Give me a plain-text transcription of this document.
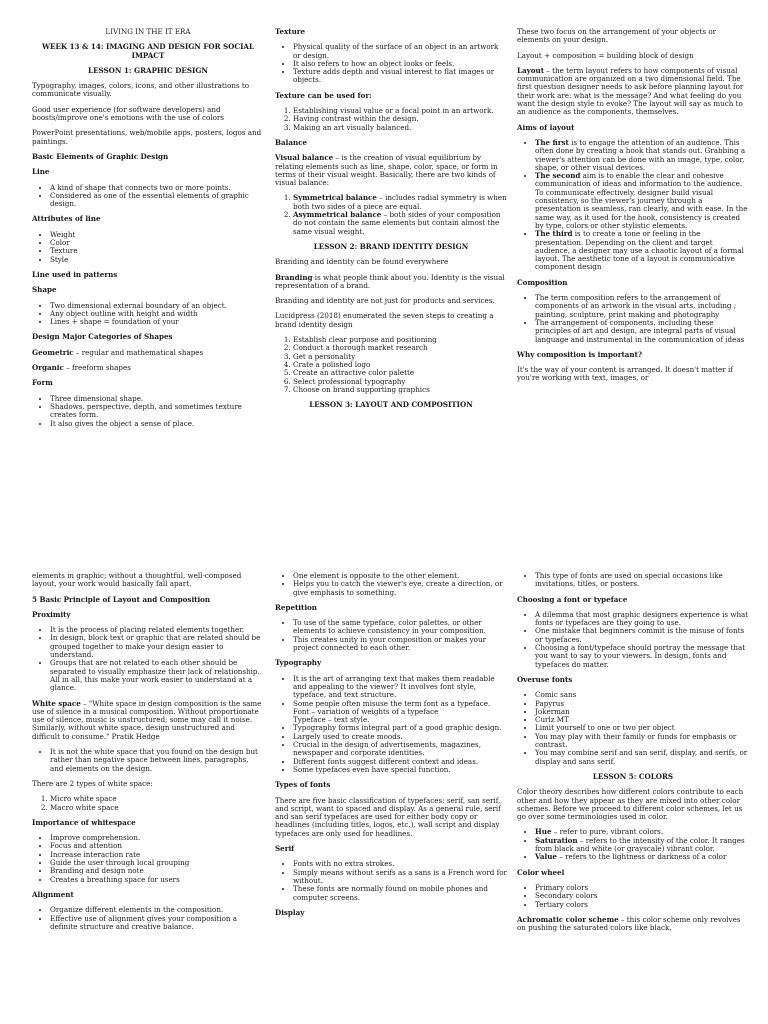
LIVING IN THE IT ERA

WEEK 13 & 14: IMAGING AND DESIGN FOR SOCIAL IMPACT

LESSON 1: GRAPHIC DESIGN

Typography, images, colors, icons, and other illustrations to communicate visually.

Good user experience (for software developers) and boosts/improve one's emotions with the use of colors

PowerPoint presentations, web/mobile apps, posters, logos and paintings.

Basic Elements of Graphic Design

Line

• A kind of shape that connects two or more points.
• Considered as one of the essential elements of graphic design.

Attributes of line

• Weight
• Color
• Texture
• Style

Line used in patterns

Shape

• Two dimensional external boundary of an object.
• Any object outline with height and width
• Lines + shape = foundation of your

Design Major Categories of Shapes

Geometric – regular and mathematical shapes

Organic – freeform shapes

Form

• Three dimensional shape.
• Shadows, perspective, depth, and sometimes texture creates form.
• It also gives the object a sense of place.

Texture

• Physical quality of the surface of an object in an artwork or design.
• It also refers to how an object looks or feels.
• Texture adds depth and visual interest to flat images or objects.

Texture can be used for:

1. Establishing visual value or a focal point in an artwork.
2. Having contrast within the design.
3. Making an art visually balanced.

Balance

Visual balance – is the creation of visual equilibrium by relating elements such as line, shape, color, space, or form in terms of their visual weight. Basically, there are two kinds of visual balance:

1. Symmetrical balance – includes radial symmetry is when both two sides of a piece are equal.
2. Asymmetrical balance – both sides of your composition do not contain the same elements but contain almost the same visual weight.

LESSON 2: BRAND IDENTITY DESIGN

Branding and identity can be found everywhere

Branding is what people think about you. Identity is the visual representation of a brand.

Branding and identity are not just for products and services.

Lucidpress (2018) enumerated the seven steps to creating a brand identity design

1. Establish clear purpose and positioning
2. Conduct a thorough market research
3. Get a personality
4. Crate a polished logo
5. Create an attractive color palette
6. Select professional typography
7. Choose on brand supporting graphics

LESSON 3: LAYOUT AND COMPOSITION

These two focus on the arrangement of your objects or elements on your design.

Layout + composition = building block of design

Layout – the term layout refers to how components of visual communication are organized on a two dimensional field. The first question designer needs to ask before planning layout for their work are: what is the message? And what feeling do you want the design style to evoke? The layout will say as much to an audience as the components, themselves.

Aims of layout

• The first is to engage the attention of an audience. This often done by creating a hook that stands out. Grabbing a viewer's attention can be done with an image, type, color, shape, or other visual devices.
• The second aim is to enable the clear and cohesive communication of ideas and information to the audience. To communicate effectively, designer build visual consistency, so the viewer's journey through a presentation is seamless, ran clearly, and with ease. In the same way, as it used for the hook, consistency is created by type, colors or other stylistic elements.
• The third is to create a tone or feeling in the presentation. Depending on the client and target audience, a designer may use a chaotic layout of a formal layout. The aesthetic tone of a layout is communicative component design

Composition

• The term composition refers to the arrangement of components of an artwork in the visual arts, including ; painting, sculpture, print making and photography
• The arrangement of components, including these principles of art and design, are integral parts of visual language and instrumental in the communication of ideas

Why composition is important?

It's the way of your content is arranged. It doesn't matter if you're working with text, images, or

elements in graphic; without a thoughtful, well-composed layout, your work would basically fall apart.

5 Basic Principle of Layout and Composition

Proximity

• It is the process of placing related elements together.
• In design, block text or graphic that are related should be grouped together to make your design easier to understand.
• Groups that are not related to each other should be separated to visually emphasize their lack of relationship. All in all, this make your work easier to understand at a glance.

White space – "White space in design composition is the same use of silence in a musical composition. Without proportionate use of silence, music is unstructured; some may call it noise. Similarly, without white space, design unstructured and difficult to consume." Pratik Hedge

• It is not the white space that you found on the design but rather than negative space between lines, paragraphs, and elements on the design.

There are 2 types of white space:

1. Micro white space
2. Macro white space

Importance of whitespace

• Improve comprehension.
• Focus and attention
• Increase interaction rate
• Guide the user through local grouping
• Branding and design note
• Creates a breathing space for users

Alignment

• Organize different elements in the composition.
• Effective use of alignment gives your composition a definite structure and creative balance.
• One element is opposite to the other element.
• Helps you to catch the viewer's eye, create a direction, or give emphasis to something.

Repetition

• To use of the same typeface, color palettes, or other elements to achieve consistency in your composition.
• This creates unity in your composition or makes your project connected to each other.

Typography

• It is the art of arranging text that makes them readable and appealing to the viewer? It involves font style, typeface, and text structure.
• Some people often misuse the term font as a typeface.
Font – variation of weights of a typeface
Typeface – text style.
• Typography forms integral part of a good graphic design.
• Largely used to create moods.
• Crucial in the design of advertisements, magazines, newspaper and corporate identities.
• Different fonts suggest different context and ideas.
• Some typefaces even have special function.

Types of fonts

There are five basic classification of typefaces: serif, san serif, and script, want to spaced and display. As a general rule, serif and san serif typefaces are used for either body copy or headlines (including titles, logos, etc.), wall script and display typefaces are only used for headlines.

Serif

• Fonts with no extra strokes.
• Simply means without serifs as a sans is a French word for without.
• These fonts are normally found on mobile phones and computer screens.

Display

• This type of fonts are used on special occasions like invitations, titles, or posters.

Choosing a font or typeface

• A dilemma that most graphic designers experience is what fonts or typefaces are they going to use.
• One mistake that beginners commit is the misuse of fonts or typefaces.
• Choosing a font/typeface should portray the message that you want to say to your viewers. In design, fonts and typefaces do matter.

Overuse fonts

• Comic sans
• Papyrus
• Jokerman
• Curlz MT
• Limit yourself to one or two per object
• You may play with their family or funds for emphasis or contrast.
• You may combine serif and san serif, display, and serifs, or display and sans serif.

LESSON 5: COLORS

Color theory describes how different colors contribute to each other and how they appear as they are mixed into other color schemes. Before we proceed to different color schemes, let us go over some terminologies used in color.

• Hue – refer to pure, vibrant colors.
• Saturation – refers to the intensity of the color. It ranges from black and white (or grayscale) vibrant color.
• Value – refers to the lightness or darkness of a color

Color wheel

• Primary colors
• Secondary colors
• Tertiary colors

Achromatic color scheme – this color scheme only revolves on pushing the saturated colors like black,
